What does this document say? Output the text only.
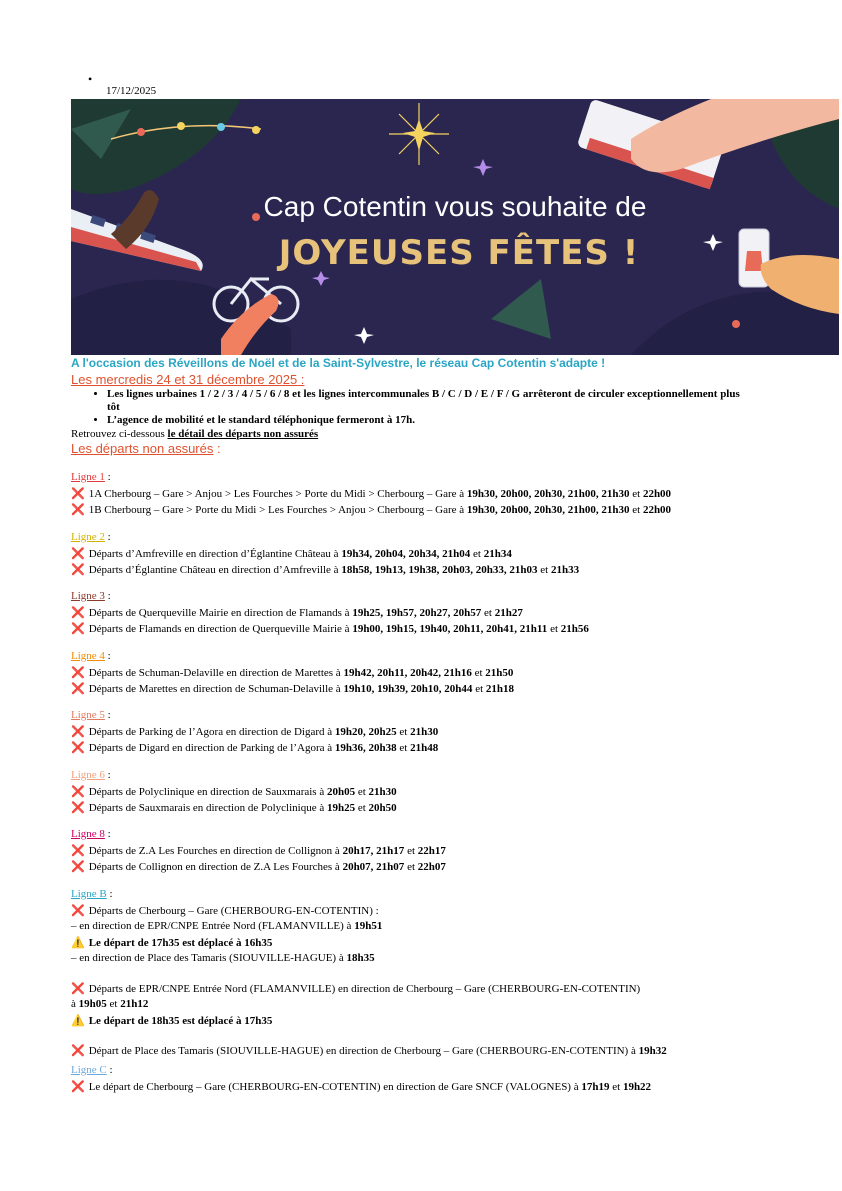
•
17/12/2025
Cap Cotentin vous souhaite de
JOYEUSES FÊTES !
A l'occasion des Réveillons de Noël et de la Saint-Sylvestre, le réseau Cap Cotentin s'adapte !
Les mercredis 24 et 31 décembre 2025 :
• Les lignes urbaines 1 / 2 / 3 / 4 / 5 / 6 / 8 et les lignes intercommunales B / C / D / E / F / G arrêteront de circuler exceptionnellement plus tôt
• L’agence de mobilité et le standard téléphonique fermeront à 17h.
Retrouvez ci-dessous le détail des départs non assurés
Les départs non assurés :
Ligne 1 :
❌ 1A Cherbourg – Gare > Anjou > Les Fourches > Porte du Midi > Cherbourg – Gare à 19h30, 20h00, 20h30, 21h00, 21h30 et 22h00
❌ 1B Cherbourg – Gare > Porte du Midi > Les Fourches > Anjou > Cherbourg – Gare à 19h30, 20h00, 20h30, 21h00, 21h30 et 22h00
Ligne 2 :
❌ Départs d’Amfreville en direction d’Églantine Château à 19h34, 20h04, 20h34, 21h04 et 21h34
❌ Départs d’Églantine Château en direction d’Amfreville à 18h58, 19h13, 19h38, 20h03, 20h33, 21h03 et 21h33
Ligne 3 :
❌ Départs de Querqueville Mairie en direction de Flamands à 19h25, 19h57, 20h27, 20h57 et 21h27
❌ Départs de Flamands en direction de Querqueville Mairie à 19h00, 19h15, 19h40, 20h11, 20h41, 21h11 et 21h56
Ligne 4 :
❌ Départs de Schuman-Delaville en direction de Marettes à 19h42, 20h11, 20h42, 21h16 et 21h50
❌ Départs de Marettes en direction de Schuman-Delaville à 19h10, 19h39, 20h10, 20h44 et 21h18
Ligne 5 :
❌ Départs de Parking de l’Agora en direction de Digard à 19h20, 20h25 et 21h30
❌ Départs de Digard en direction de Parking de l’Agora à 19h36, 20h38 et 21h48
Ligne 6 :
❌ Départs de Polyclinique en direction de Sauxmarais à 20h05 et 21h30
❌ Départs de Sauxmarais en direction de Polyclinique à 19h25 et 20h50
Ligne 8 :
❌ Départs de Z.A Les Fourches en direction de Collignon à 20h17, 21h17 et 22h17
❌ Départs de Collignon en direction de Z.A Les Fourches à 20h07, 21h07 et 22h07
Ligne B :
❌ Départs de Cherbourg – Gare (CHERBOURG-EN-COTENTIN) :
– en direction de EPR/CNPE Entrée Nord (FLAMANVILLE) à 19h51
⚠️ Le départ de 17h35 est déplacé à 16h35
– en direction de Place des Tamaris (SIOUVILLE-HAGUE) à 18h35
❌ Départs de EPR/CNPE Entrée Nord (FLAMANVILLE) en direction de Cherbourg – Gare (CHERBOURG-EN-COTENTIN)
à 19h05 et 21h12
⚠️ Le départ de 18h35 est déplacé à 17h35
❌ Départ de Place des Tamaris (SIOUVILLE-HAGUE) en direction de Cherbourg – Gare (CHERBOURG-EN-COTENTIN) à 19h32
Ligne C :
❌ Le départ de Cherbourg – Gare (CHERBOURG-EN-COTENTIN) en direction de Gare SNCF (VALOGNES) à 17h19 et 19h22
